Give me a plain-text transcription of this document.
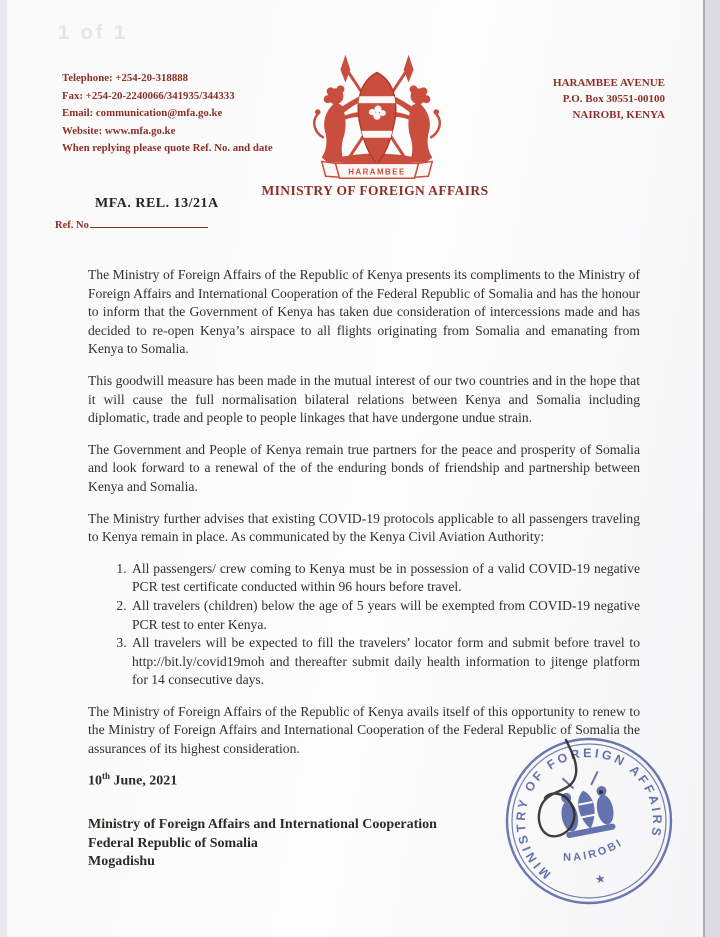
1 of 1
Telephone: +254-20-318888
Fax: +254-20-2240066/341935/344333
Email: communication@mfa.go.ke
Website: www.mfa.go.ke
When replying please quote Ref. No. and date
HARAMBEE AVENUE
P.O. Box 30551-00100
NAIROBI, KENYA
HARAMBEE
MINISTRY OF FOREIGN AFFAIRS
MFA. REL. 13/21A
Ref. No

The Ministry of Foreign Affairs of the Republic of Kenya presents its compliments to the Ministry of Foreign Affairs and International Cooperation of the Federal Republic of Somalia and has the honour to inform that the Government of Kenya has taken due consideration of intercessions made and has decided to re-open Kenya’s airspace to all flights originating from Somalia and emanating from Kenya to Somalia.

This goodwill measure has been made in the mutual interest of our two countries and in the hope that it will cause the full normalisation bilateral relations between Kenya and Somalia including diplomatic, trade and people to people linkages that have undergone undue strain.

The Government and People of Kenya remain true partners for the peace and prosperity of Somalia and look forward to a renewal of the of the enduring bonds of friendship and partnership between Kenya and Somalia.

The Ministry further advises that existing COVID-19 protocols applicable to all passengers traveling to Kenya remain in place. As communicated by the Kenya Civil Aviation Authority:

1. All passengers/ crew coming to Kenya must be in possession of a valid COVID-19 negative PCR test certificate conducted within 96 hours before travel.
2. All travelers (children) below the age of 5 years will be exempted from COVID-19 negative PCR test to enter Kenya.
3. All travelers will be expected to fill the travelers’ locator form and submit before travel to http://bit.ly/covid19moh and thereafter submit daily health information to jitenge platform for 14 consecutive days.

The Ministry of Foreign Affairs of the Republic of Kenya avails itself of this opportunity to renew to the Ministry of Foreign Affairs and International Cooperation of the Federal Republic of Somalia the assurances of its highest consideration.

10th June, 2021
Ministry of Foreign Affairs and International Cooperation
Federal Republic of Somalia
Mogadishu
MINISTRY OF FOREIGN AFFAIRS
NAIROBI
★
